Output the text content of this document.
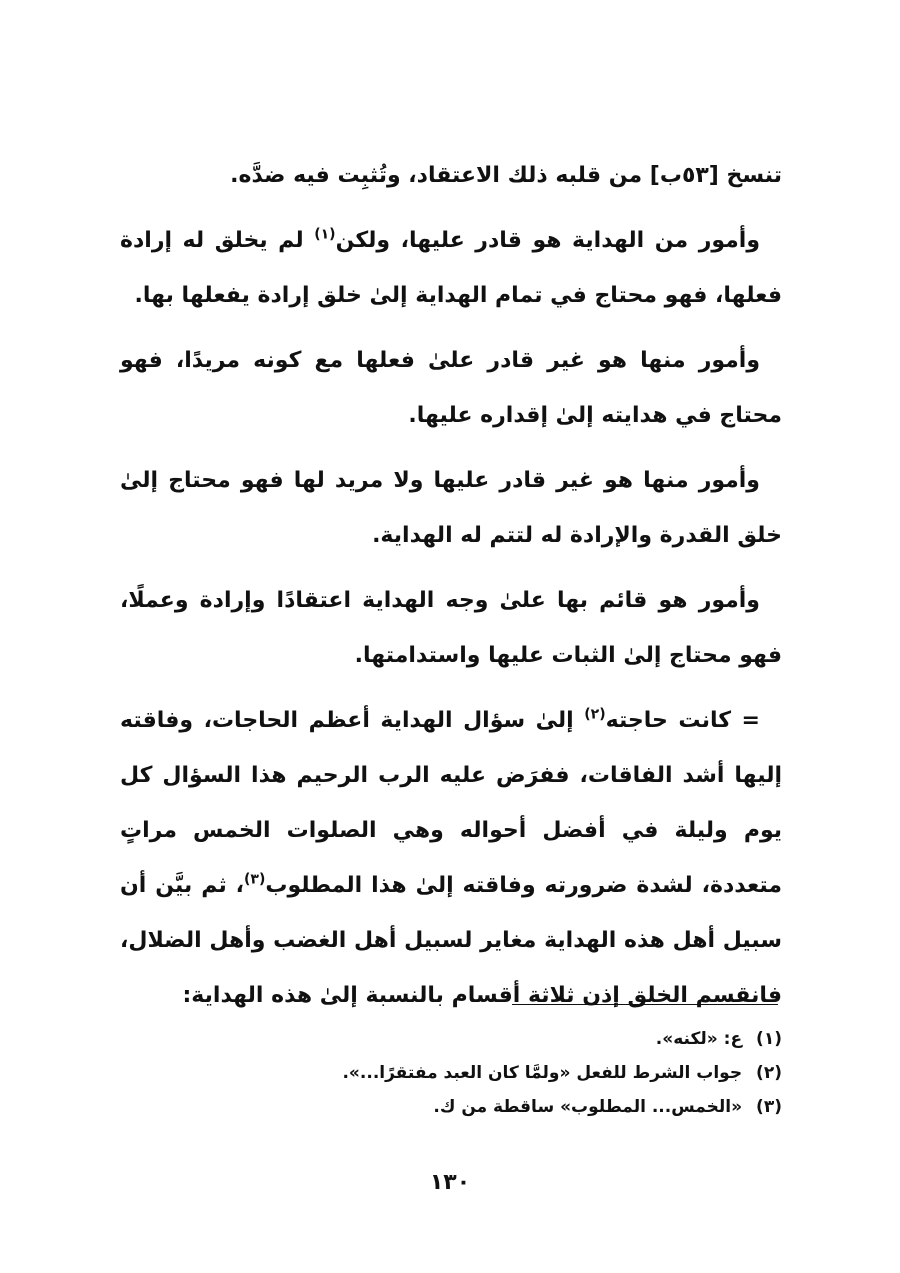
تنسخ [٥٣ب] من قلبه ذلك الاعتقاد، وتُثبِت فيه ضدَّه.

وأمور من الهداية هو قادر عليها، ولكن$^{(١)}$ لم يخلق له إرادة فعلها، فهو محتاج في تمام الهداية إلىٰ خلق إرادة يفعلها بها.

وأمور منها هو غير قادر علىٰ فعلها مع كونه مريدًا، فهو محتاج في هدايته إلىٰ إقداره عليها.

وأمور منها هو غير قادر عليها ولا مريد لها فهو محتاج إلىٰ خلق القدرة والإرادة له لتتم له الهداية.

وأمور هو قائم بها علىٰ وجه الهداية اعتقادًا وإرادة وعملًا، فهو محتاج إلىٰ الثبات عليها واستدامتها.

= كانت حاجته$^{(٢)}$ إلىٰ سؤال الهداية أعظم الحاجات، وفاقته إليها أشد الفاقات، ففرَض عليه الرب الرحيم هذا السؤال كل يوم وليلة في أفضل أحواله وهي الصلوات الخمس مراتٍ متعددة، لشدة ضرورته وفاقته إلىٰ هذا المطلوب$^{(٣)}$، ثم بيَّن أن سبيل أهل هذه الهداية مغاير لسبيل أهل الغضب وأهل الضلال، فانقسم الخلق إذن ثلاثة أقسام بالنسبة إلىٰ هذه الهداية:

(١) ع: «لكنه».

(٢) جواب الشرط للفعل «ولمَّا كان العبد مفتقرًا...».

(٣) «الخمس... المطلوب» ساقطة من ك.

١٣٠
